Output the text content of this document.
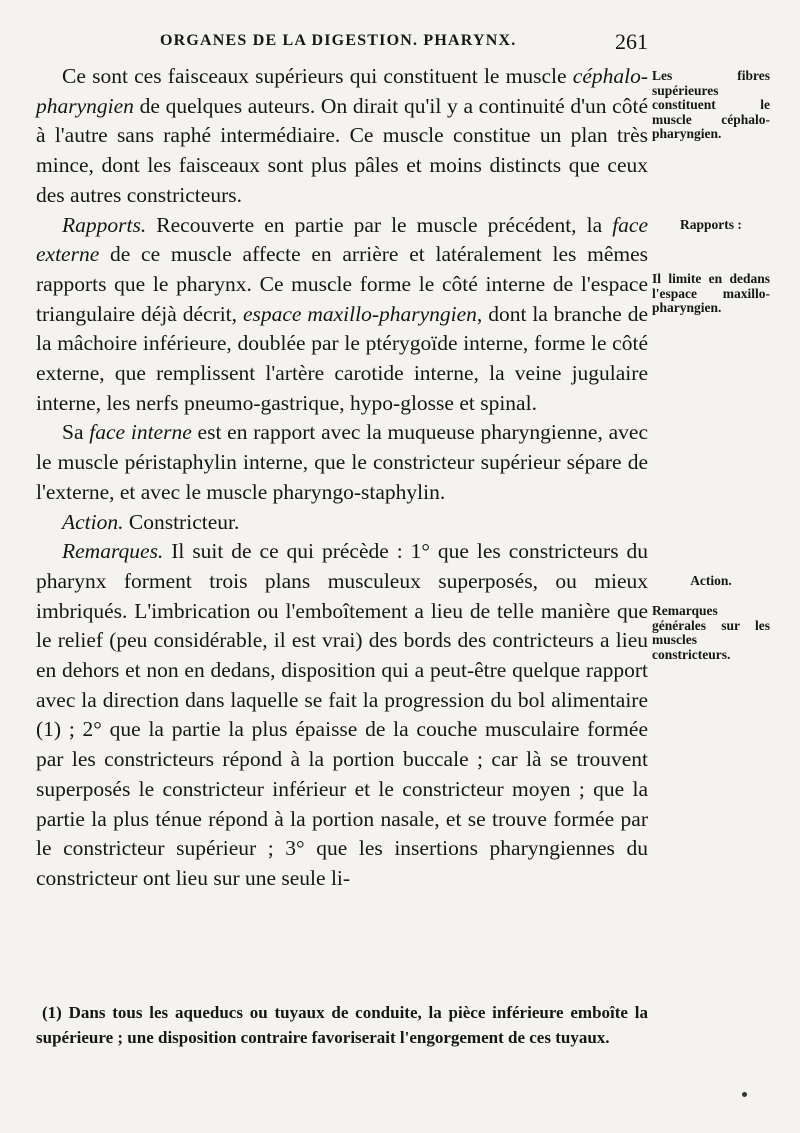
ORGANES DE LA DIGESTION. PHARYNX.	261

Ce sont ces faisceaux supérieurs qui constituent le muscle céphalo-pharyngien de quelques auteurs. On dirait qu'il y a continuité d'un côté à l'autre sans raphé intermédiaire. Ce muscle constitue un plan très mince, dont les faisceaux sont plus pâles et moins distincts que ceux des autres constricteurs.

Rapports. Recouverte en partie par le muscle précédent, la face externe de ce muscle affecte en arrière et latéralement les mêmes rapports que le pharynx. Ce muscle forme le côté interne de l'espace triangulaire déjà décrit, espace maxillo-pharyngien, dont la branche de la mâchoire inférieure, doublée par le ptérygoïde interne, forme le côté externe, que remplissent l'artère carotide interne, la veine jugulaire interne, les nerfs pneumo-gastrique, hypo-glosse et spinal.

Sa face interne est en rapport avec la muqueuse pharyngienne, avec le muscle péristaphylin interne, que le constricteur supérieur sépare de l'externe, et avec le muscle pharyngo-staphylin.

Action. Constricteur.

Remarques. Il suit de ce qui précède : 1° que les constricteurs du pharynx forment trois plans musculeux superposés, ou mieux imbriqués. L'imbrication ou l'emboîtement a lieu de telle manière que le relief (peu considérable, il est vrai) des bords des contricteurs a lieu en dehors et non en dedans, disposition qui a peut-être quelque rapport avec la direction dans laquelle se fait la progression du bol alimentaire (1) ; 2° que la partie la plus épaisse de la couche musculaire formée par les constricteurs répond à la portion buccale ; car là se trouvent superposés le constricteur inférieur et le constricteur moyen ; que la partie la plus ténue répond à la portion nasale, et se trouve formée par le constricteur supérieur ; 3° que les insertions pharyngiennes du constricteur ont lieu sur une seule li-

Les fibres supérieures constituent le muscle céphalo-pharyngien.
Rapports :
Il limite en dedans l'espace maxillo-pharyngien.
Action.
Remarques générales sur les muscles constricteurs.

(1) Dans tous les aqueducs ou tuyaux de conduite, la pièce inférieure emboîte la supérieure ; une disposition contraire favoriserait l'engorgement de ces tuyaux.
